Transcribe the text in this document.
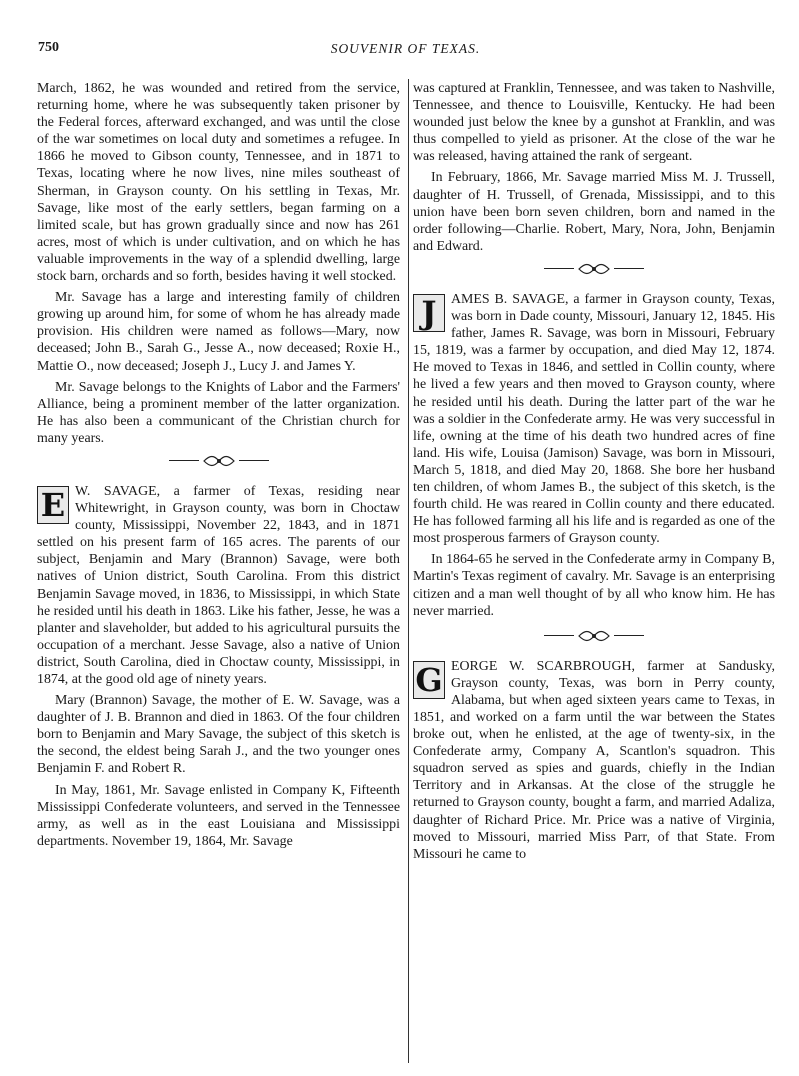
750	SOUVENIR OF TEXAS.

March, 1862, he was wounded and retired from the service, returning home, where he was subsequently taken prisoner by the Federal forces, afterward exchanged, and was until the close of the war sometimes on local duty and sometimes a refugee. In 1866 he moved to Gibson county, Tennessee, and in 1871 to Texas, locating where he now lives, nine miles southeast of Sherman, in Grayson county. On his settling in Texas, Mr. Savage, like most of the early settlers, began farming on a limited scale, but has grown gradually since and now has 261 acres, most of which is under cultivation, and on which he has valuable improvements in the way of a splendid dwelling, large stock barn, orchards and so forth, besides having it well stocked.

Mr. Savage has a large and interesting family of children growing up around him, for some of whom he has already made provision. His children were named as follows—Mary, now deceased; John B., Sarah G., Jesse A., now deceased; Roxie H., Mattie O., now deceased; Joseph J., Lucy J. and James Y.

Mr. Savage belongs to the Knights of Labor and the Farmers' Alliance, being a prominent member of the latter organization. He has also been a communicant of the Christian church for many years.

E W. SAVAGE, a farmer of Texas, residing near Whitewright, in Grayson county, was born in Choctaw county, Mississippi, November 22, 1843, and in 1871 settled on his present farm of 165 acres. The parents of our subject, Benjamin and Mary (Brannon) Savage, were both natives of Union district, South Carolina. From this district Benjamin Savage moved, in 1836, to Mississippi, in which State he resided until his death in 1863. Like his father, Jesse, he was a planter and slaveholder, but added to his agricultural pursuits the occupation of a merchant. Jesse Savage, also a native of Union district, South Carolina, died in Choctaw county, Mississippi, in 1874, at the good old age of ninety years.

Mary (Brannon) Savage, the mother of E. W. Savage, was a daughter of J. B. Brannon and died in 1863. Of the four children born to Benjamin and Mary Savage, the subject of this sketch is the second, the eldest being Sarah J., and the two younger ones Benjamin F. and Robert R.

In May, 1861, Mr. Savage enlisted in Company K, Fifteenth Mississippi Confederate volunteers, and served in the Tennessee army, as well as in the east Louisiana and Mississippi departments. November 19, 1864, Mr. Savage

was captured at Franklin, Tennessee, and was taken to Nashville, Tennessee, and thence to Louisville, Kentucky. He had been wounded just below the knee by a gunshot at Franklin, and was thus compelled to yield as prisoner. At the close of the war he was released, having attained the rank of sergeant.

In February, 1866, Mr. Savage married Miss M. J. Trussell, daughter of H. Trussell, of Grenada, Mississippi, and to this union have been born seven children, born and named in the order following—Charlie. Robert, Mary, Nora, John, Benjamin and Edward.

J	AMES B. SAVAGE, a farmer in Grayson county, Texas, was born in Dade county, Missouri, January 12, 1845. His father, James R. Savage, was born in Missouri, February 15, 1819, was a farmer by occupation, and died May 12, 1874. He moved to Texas in 1846, and settled in Collin county, where he lived a few years and then moved to Grayson county, where he resided until his death. During the latter part of the war he was a soldier in the Confederate army. He was very successful in life, owning at the time of his death two hundred acres of fine land. His wife, Louisa (Jamison) Savage, was born in Missouri, March 5, 1818, and died May 20, 1868. She bore her husband ten children, of whom James B., the subject of this sketch, is the fourth child. He was reared in Collin county and there educated. He has followed farming all his life and is regarded as one of the most prosperous farmers of Grayson county.

In 1864-65 he served in the Confederate army in Company B, Martin's Texas regiment of cavalry. Mr. Savage is an enterprising citizen and a man well thought of by all who know him. He has never married.

G EORGE W. SCARBROUGH, farmer at Sandusky, Grayson county, Texas, was born in Perry county, Alabama, but when aged sixteen years came to Texas, in 1851, and worked on a farm until the war between the States broke out, when he enlisted, at the age of twenty-six, in the Confederate army, Company A, Scantlon's squadron. This squadron served as spies and guards, chiefly in the Indian Territory and in Arkansas. At the close of the struggle he returned to Grayson county, bought a farm, and married Adaliza, daughter of Richard Price. Mr. Price was a native of Virginia, moved to Missouri, married Miss Parr, of that State. From Missouri he came to
